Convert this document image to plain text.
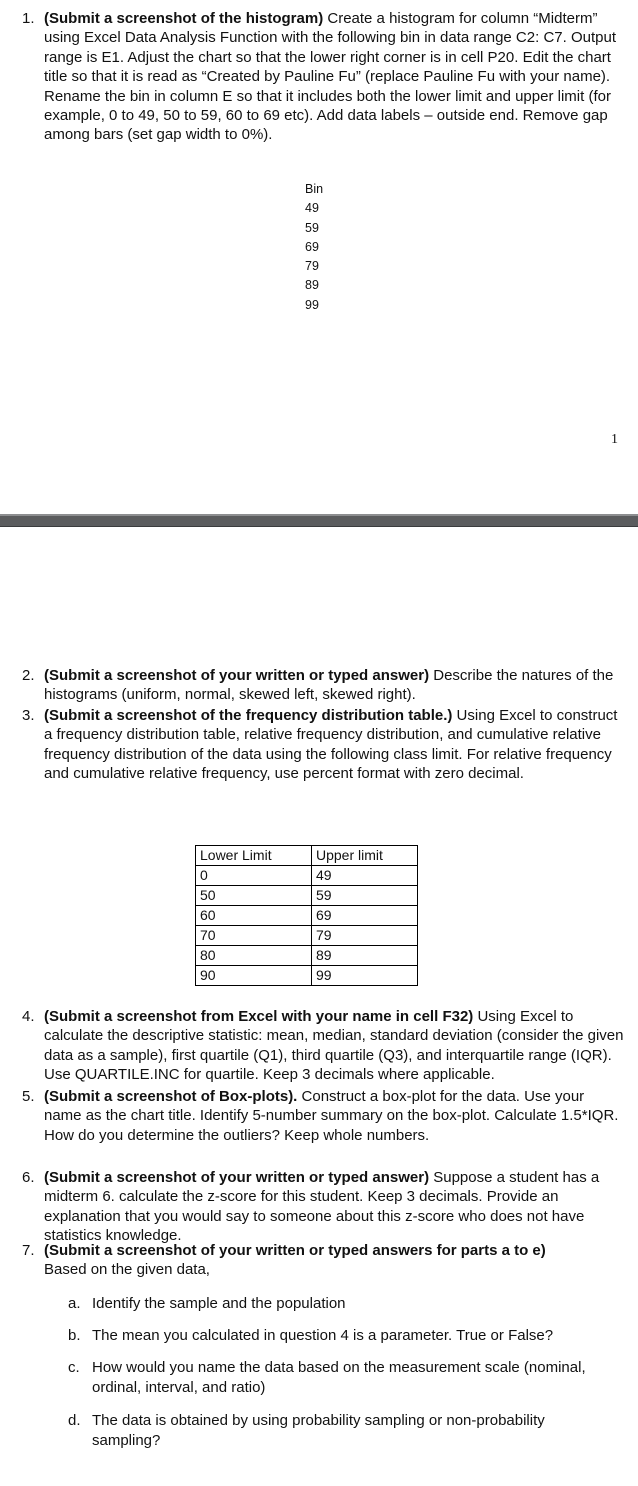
1. (Submit a screenshot of the histogram) Create a histogram for column “Midterm” using Excel Data Analysis Function with the following bin in data range C2: C7. Output range is E1. Adjust the chart so that the lower right corner is in cell P20. Edit the chart title so that it is read as “Created by Pauline Fu” (replace Pauline Fu with your name). Rename the bin in column E so that it includes both the lower limit and upper limit (for example, 0 to 49, 50 to 59, 60 to 69 etc). Add data labels – outside end. Remove gap among bars (set gap width to 0%).
Bin
49
59
69
79
89
99
1
2. (Submit a screenshot of your written or typed answer) Describe the natures of the histograms (uniform, normal, skewed left, skewed right).
3. (Submit a screenshot of the frequency distribution table.) Using Excel to construct a frequency distribution table, relative frequency distribution, and cumulative relative frequency distribution of the data using the following class limit. For relative frequency and cumulative relative frequency, use percent format with zero decimal.
Lower Limit	Upper limit
0	49
50	59
60	69
70	79
80	89
90	99
4. (Submit a screenshot from Excel with your name in cell F32) Using Excel to calculate the descriptive statistic: mean, median, standard deviation (consider the given data as a sample), first quartile (Q1), third quartile (Q3), and interquartile range (IQR). Use QUARTILE.INC for quartile. Keep 3 decimals where applicable.
5. (Submit a screenshot of Box-plots). Construct a box-plot for the data. Use your name as the chart title. Identify 5-number summary on the box-plot. Calculate 1.5*IQR. How do you determine the outliers? Keep whole numbers.
6. (Submit a screenshot of your written or typed answer) Suppose a student has a midterm 6. calculate the z-score for this student. Keep 3 decimals. Provide an explanation that you would say to someone about this z-score who does not have statistics knowledge.
7. (Submit a screenshot of your written or typed answers for parts a to e)
Based on the given data,
a. Identify the sample and the population
b. The mean you calculated in question 4 is a parameter. True or False?
c. How would you name the data based on the measurement scale (nominal, ordinal, interval, and ratio)
d. The data is obtained by using probability sampling or non-probability sampling?
